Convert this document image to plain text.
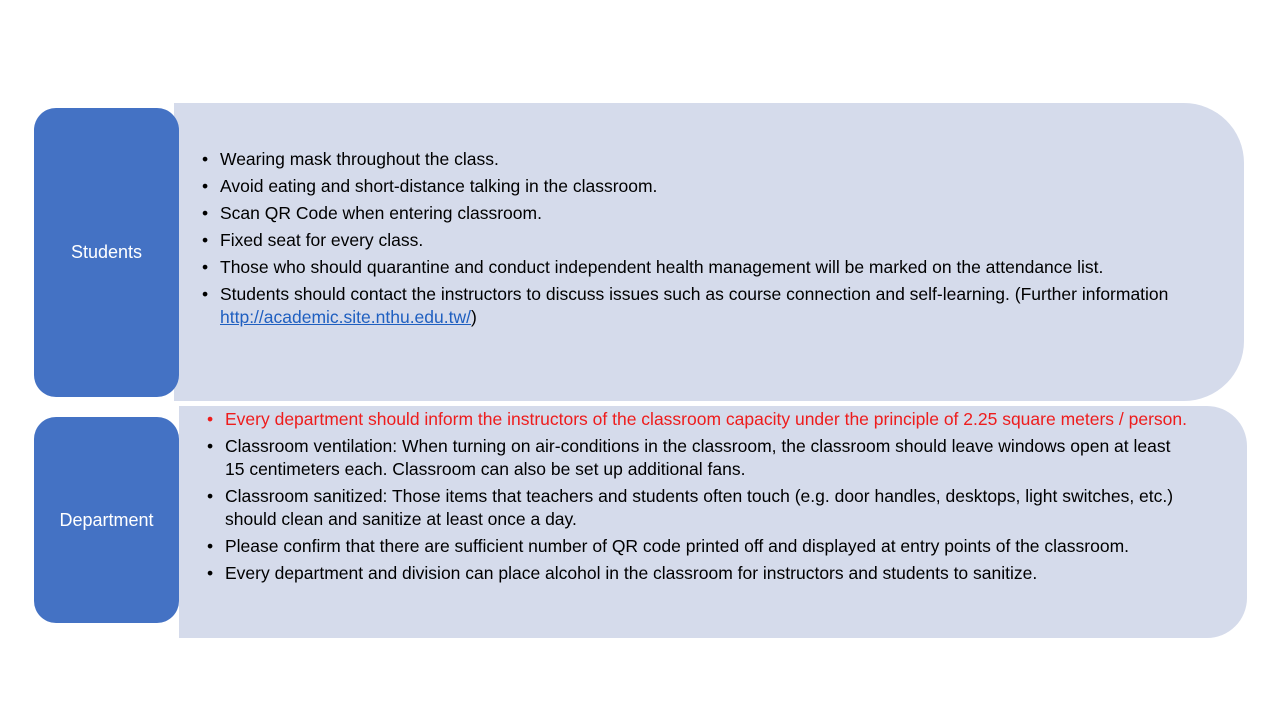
• Wearing mask throughout the class.
• Avoid eating and short-distance talking in the classroom.
• Scan QR Code when entering classroom.
• Fixed seat for every class.
• Those who should quarantine and conduct independent health management will be marked on the attendance list.
• Students should contact the instructors to discuss issues such as course connection and self-learning. (Further information http://academic.site.nthu.edu.tw/)
Students
• Every department should inform the instructors of the classroom capacity under the principle of 2.25 square meters / person.
• Classroom ventilation: When turning on air-conditions in the classroom, the classroom should leave windows open at least 15 centimeters each. Classroom can also be set up additional fans.
• Classroom sanitized: Those items that teachers and students often touch (e.g. door handles, desktops, light switches, etc.) should clean and sanitize at least once a day.
• Please confirm that there are sufficient number of QR code printed off and displayed at entry points of the classroom.
• Every department and division can place alcohol in the classroom for instructors and students to sanitize.
Department
